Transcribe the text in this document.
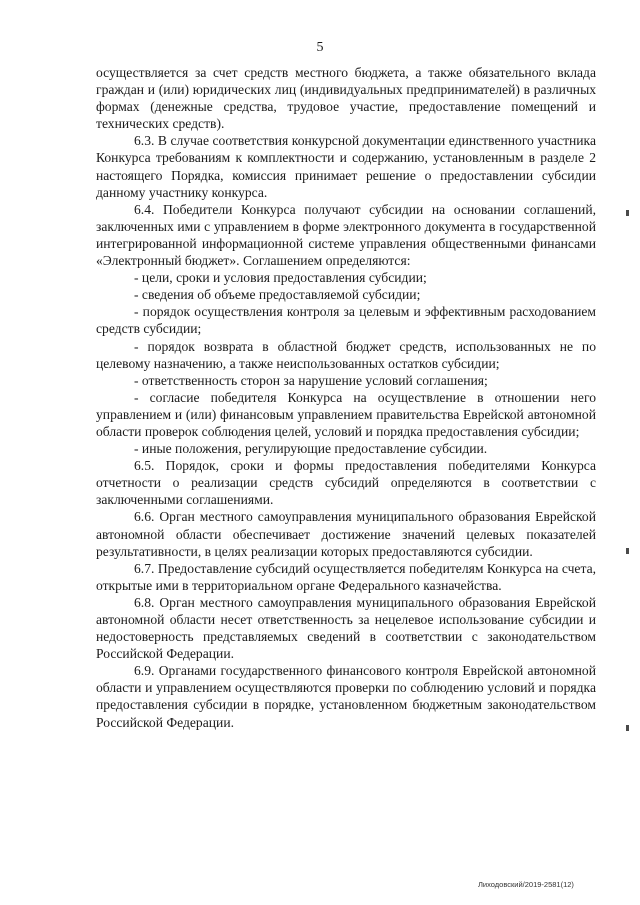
5

осуществляется за счет средств местного бюджета, а также обязательного вклада граждан и (или) юридических лиц (индивидуальных предпринимателей) в различных формах (денежные средства, трудовое участие, предоставление помещений и технических средств).

6.3. В случае соответствия конкурсной документации единственного участника Конкурса требованиям к комплектности и содержанию, установленным в разделе 2 настоящего Порядка, комиссия принимает решение о предоставлении субсидии данному участнику конкурса.

6.4. Победители Конкурса получают субсидии на основании соглашений, заключенных ими с управлением в форме электронного документа в государственной интегрированной информационной системе управления общественными финансами «Электронный бюджет». Соглашением определяются:

- цели, сроки и условия предоставления субсидии;

- сведения об объеме предоставляемой субсидии;

- порядок осуществления контроля за целевым и эффективным расходованием средств субсидии;

- порядок возврата в областной бюджет средств, использованных не по целевому назначению, а также неиспользованных остатков субсидии;

- ответственность сторон за нарушение условий соглашения;

- согласие победителя Конкурса на осуществление в отношении него управлением и (или) финансовым управлением правительства Еврейской автономной области проверок соблюдения целей, условий и порядка предоставления субсидии;

- иные положения, регулирующие предоставление субсидии.

6.5. Порядок, сроки и формы предоставления победителями Конкурса отчетности о реализации средств субсидий определяются в соответствии с заключенными соглашениями.

6.6. Орган местного самоуправления муниципального образования Еврейской автономной области обеспечивает достижение значений целевых показателей результативности, в целях реализации которых предоставляются субсидии.

6.7. Предоставление субсидий осуществляется победителям Конкурса на счета, открытые ими в территориальном органе Федерального казначейства.

6.8. Орган местного самоуправления муниципального образования Еврейской автономной области несет ответственность за нецелевое использование субсидии и недостоверность представляемых сведений в соответствии с законодательством Российской Федерации.

6.9. Органами государственного финансового контроля Еврейской автономной области и управлением осуществляются проверки по соблюдению условий и порядка предоставления субсидии в порядке, установленном бюджетным законодательством Российской Федерации.

Лиходовский/2019-2581(12)
